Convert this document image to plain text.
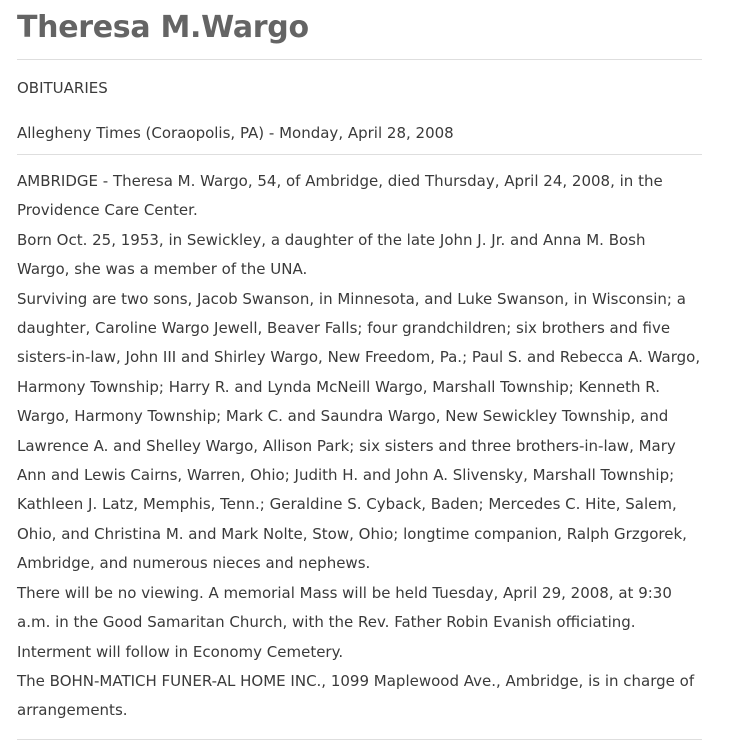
Theresa M.Wargo
OBITUARIES
Allegheny Times (Coraopolis, PA) - Monday, April 28, 2008

AMBRIDGE - Theresa M. Wargo, 54, of Ambridge, died Thursday, April 24, 2008, in the Providence Care Center.

Born Oct. 25, 1953, in Sewickley, a daughter of the late John J. Jr. and Anna M. Bosh Wargo, she was a member of the UNA.

Surviving are two sons, Jacob Swanson, in Minnesota, and Luke Swanson, in Wisconsin; a daughter, Caroline Wargo Jewell, Beaver Falls; four grandchildren; six brothers and five sisters-in-law, John III and Shirley Wargo, New Freedom, Pa.; Paul S. and Rebecca A. Wargo, Harmony Township; Harry R. and Lynda McNeill Wargo, Marshall Township; Kenneth R. Wargo, Harmony Township; Mark C. and Saundra Wargo, New Sewickley Township, and Lawrence A. and Shelley Wargo, Allison Park; six sisters and three brothers-in-law, Mary Ann and Lewis Cairns, Warren, Ohio; Judith H. and John A. Slivensky, Marshall Township; Kathleen J. Latz, Memphis, Tenn.; Geraldine S. Cyback, Baden; Mercedes C. Hite, Salem, Ohio, and Christina M. and Mark Nolte, Stow, Ohio; longtime companion, Ralph Grzgorek, Ambridge, and numerous nieces and nephews.

There will be no viewing. A memorial Mass will be held Tuesday, April 29, 2008, at 9:30 a.m. in the Good Samaritan Church, with the Rev. Father Robin Evanish officiating. Interment will follow in Economy Cemetery.

The BOHN-MATICH FUNER-AL HOME INC., 1099 Maplewood Ave., Ambridge, is in charge of arrangements.
